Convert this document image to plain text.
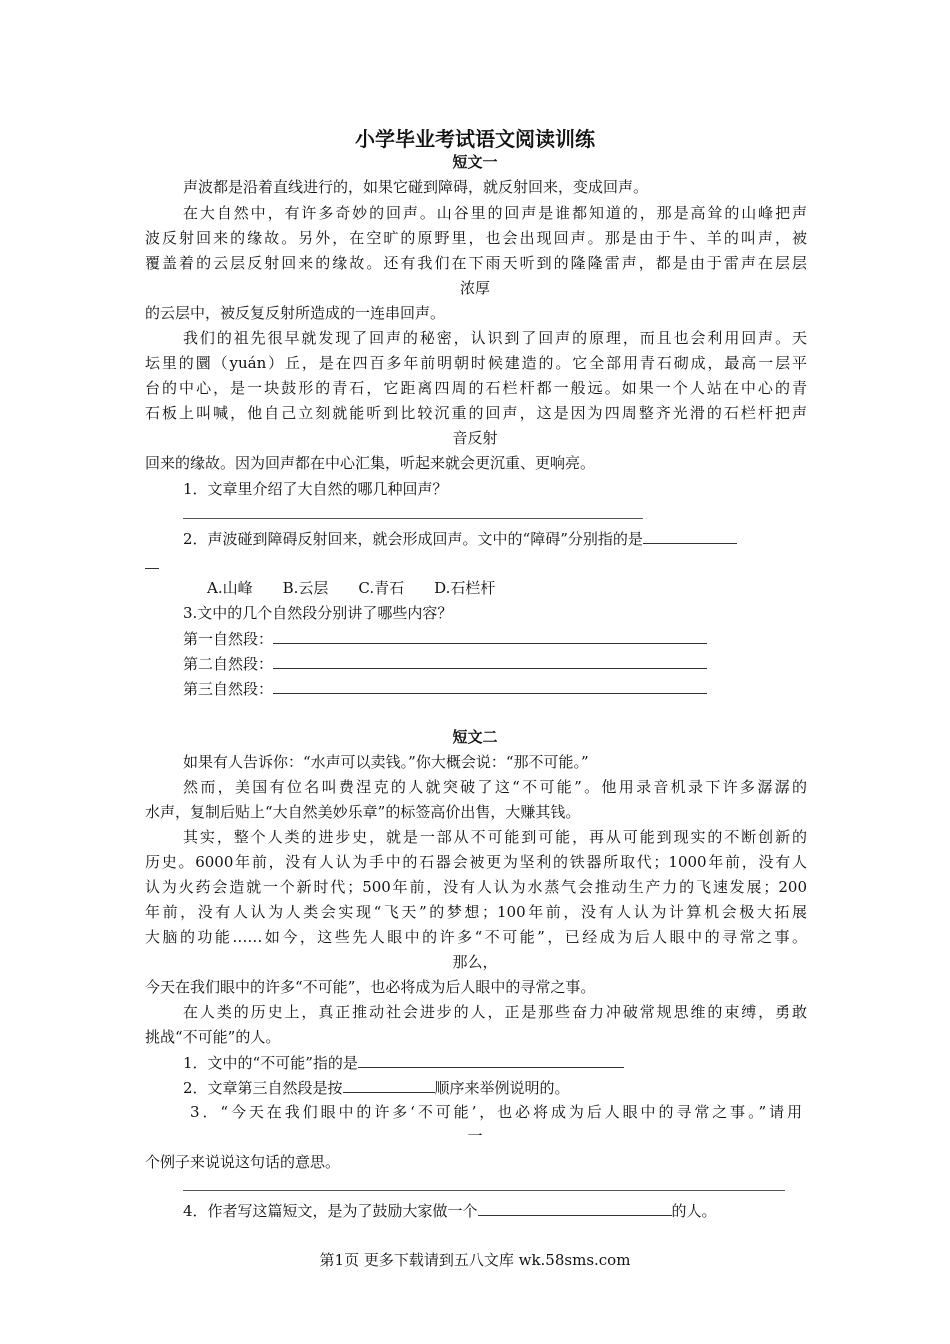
小学毕业考试语文阅读训练
短文一
声波都是沿着直线进行的，如果它碰到障碍，就反射回来，变成回声。
在大自然中，有许多奇妙的回声。山谷里的回声是谁都知道的，那是高耸的山峰把声
波反射回来的缘故。另外，在空旷的原野里，也会出现回声。那是由于牛、羊的叫声，被
覆盖着的云层反射回来的缘故。还有我们在下雨天听到的隆隆雷声，都是由于雷声在层层
浓厚
的云层中，被反复反射所造成的一连串回声。
我们的祖先很早就发现了回声的秘密，认识到了回声的原理，而且也会利用回声。天
坛里的圜（yuán）丘，是在四百多年前明朝时候建造的。它全部用青石砌成，最高一层平
台的中心，是一块鼓形的青石，它距离四周的石栏杆都一般远。如果一个人站在中心的青
石板上叫喊，他自己立刻就能听到比较沉重的回声，这是因为四周整齐光滑的石栏杆把声
音反射
回来的缘故。因为回声都在中心汇集，听起来就会更沉重、更响亮。
1．文章里介绍了大自然的哪几种回声？
2．声波碰到障碍反射回来，就会形成回声。文中的“障碍”分别指的是
A.山峰 B.云层 C.青石 D.石栏杆
3.文中的几个自然段分别讲了哪些内容？
第一自然段：
第二自然段：
第三自然段：
短文二
如果有人告诉你：“水声可以卖钱。”你大概会说：“那不可能。”
然而，美国有位名叫费涅克的人就突破了这“不可能”。他用录音机录下许多潺潺的
水声，复制后贴上“大自然美妙乐章”的标签高价出售，大赚其钱。
其实，整个人类的进步史，就是一部从不可能到可能，再从可能到现实的不断创新的
历史。6000年前，没有人认为手中的石器会被更为坚利的铁器所取代；1000年前，没有人
认为火药会造就一个新时代；500年前，没有人认为水蒸气会推动生产力的飞速发展；200
年前，没有人认为人类会实现“飞天”的梦想；100年前，没有人认为计算机会极大拓展
大脑的功能……如今，这些先人眼中的许多“不可能”，已经成为后人眼中的寻常之事。
那么，
今天在我们眼中的许多“不可能”，也必将成为后人眼中的寻常之事。
在人类的历史上，真正推动社会进步的人，正是那些奋力冲破常规思维的束缚，勇敢
挑战“不可能”的人。
1．文中的“不可能”指的是
2．文章第三自然段是按	顺序来举例说明的。
3．“今天在我们眼中的许多‘不可能’，也必将成为后人眼中的寻常之事。”请用
一
个例子来说说这句话的意思。
4．作者写这篇短文，是为了鼓励大家做一个	的人。
第1页 更多下载请到五八文库 wk.58sms.com
